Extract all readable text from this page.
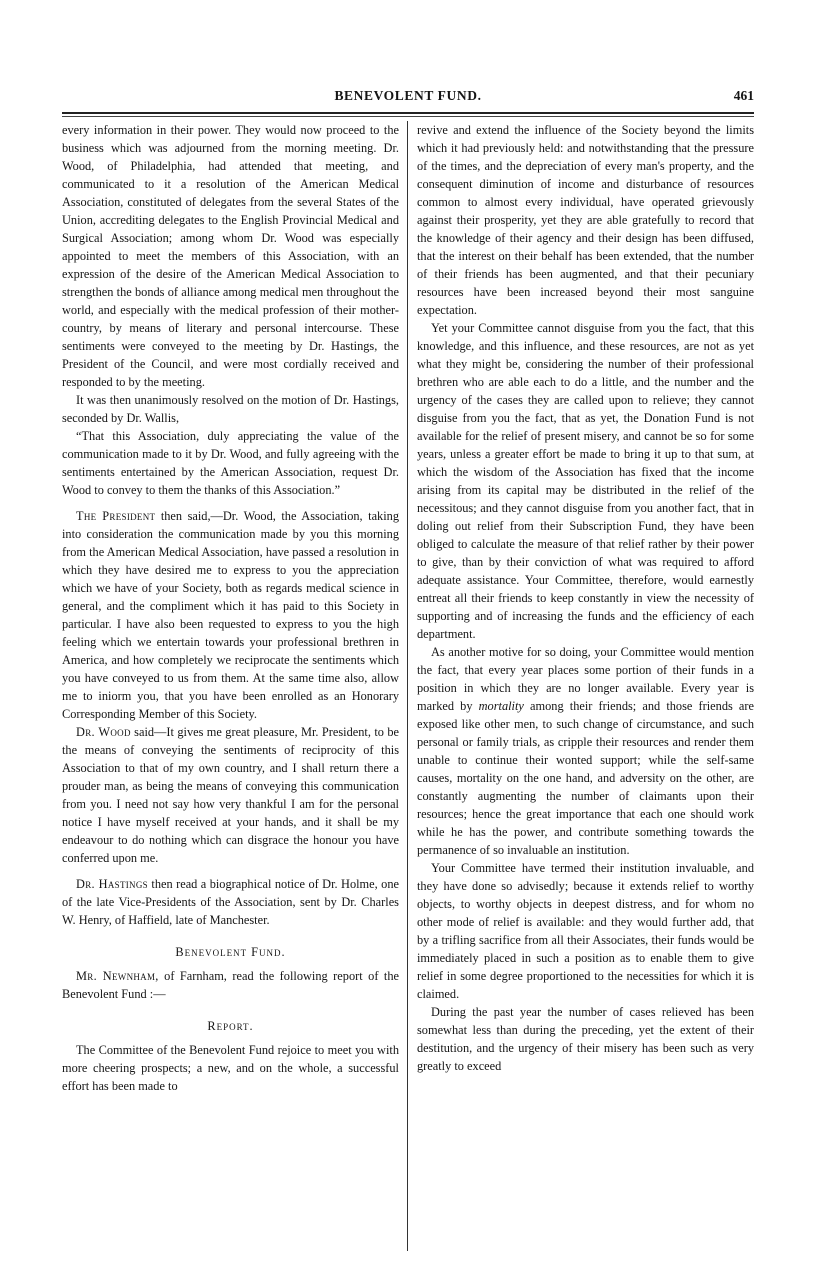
BENEVOLENT FUND.	461

every information in their power. They would now proceed to the business which was adjourned from the morning meeting. Dr. Wood, of Philadelphia, had attended that meeting, and communicated to it a resolution of the American Medical Association, constituted of delegates from the several States of the Union, accrediting delegates to the English Provincial Medical and Surgical Association; among whom Dr. Wood was especially appointed to meet the members of this Association, with an expression of the desire of the American Medical Association to strengthen the bonds of alliance among medical men throughout the world, and especially with the medical profession of their mother-country, by means of literary and personal intercourse. These sentiments were conveyed to the meeting by Dr. Hastings, the President of the Council, and were most cordially received and responded to by the meeting.

It was then unanimously resolved on the motion of Dr. Hastings, seconded by Dr. Wallis,

“That this Association, duly appreciating the value of the communication made to it by Dr. Wood, and fully agreeing with the sentiments entertained by the American Association, request Dr. Wood to convey to them the thanks of this Association.”

The President then said,—Dr. Wood, the Association, taking into consideration the communication made by you this morning from the American Medical Association, have passed a resolution in which they have desired me to express to you the appreciation which we have of your Society, both as regards medical science in general, and the compliment which it has paid to this Society in particular. I have also been requested to express to you the high feeling which we entertain towards your professional brethren in America, and how completely we reciprocate the sentiments which you have conveyed to us from them. At the same time also, allow me to iniorm you, that you have been enrolled as an Honorary Corresponding Member of this Society.

Dr. Wood said—It gives me great pleasure, Mr. President, to be the means of conveying the sentiments of reciprocity of this Association to that of my own country, and I shall return there a prouder man, as being the means of conveying this communication from you. I need not say how very thankful I am for the personal notice I have myself received at your hands, and it shall be my endeavour to do nothing which can disgrace the honour you have conferred upon me.

Dr. Hastings then read a biographical notice of Dr. Holme, one of the late Vice-Presidents of the Association, sent by Dr. Charles W. Henry, of Haffield, late of Manchester.

Benevolent Fund.

Mr. Newnham, of Farnham, read the following report of the Benevolent Fund :—

Report.

The Committee of the Benevolent Fund rejoice to meet you with more cheering prospects; a new, and on the whole, a successful effort has been made to

revive and extend the influence of the Society beyond the limits which it had previously held: and notwithstanding that the pressure of the times, and the depreciation of every man's property, and the consequent diminution of income and disturbance of resources common to almost every individual, have operated grievously against their prosperity, yet they are able gratefully to record that the knowledge of their agency and their design has been diffused, that the interest on their behalf has been extended, that the number of their friends has been augmented, and that their pecuniary resources have been increased beyond their most sanguine expectation.

Yet your Committee cannot disguise from you the fact, that this knowledge, and this influence, and these resources, are not as yet what they might be, considering the number of their professional brethren who are able each to do a little, and the number and the urgency of the cases they are called upon to relieve; they cannot disguise from you the fact, that as yet, the Donation Fund is not available for the relief of present misery, and cannot be so for some years, unless a greater effort be made to bring it up to that sum, at which the wisdom of the Association has fixed that the income arising from its capital may be distributed in the relief of the necessitous; and they cannot disguise from you another fact, that in doling out relief from their Subscription Fund, they have been obliged to calculate the measure of that relief rather by their power to give, than by their conviction of what was required to afford adequate assistance. Your Committee, therefore, would earnestly entreat all their friends to keep constantly in view the necessity of supporting and of increasing the funds and the efficiency of each department.

As another motive for so doing, your Committee would mention the fact, that every year places some portion of their funds in a position in which they are no longer available. Every year is marked by mortality among their friends; and those friends are exposed like other men, to such change of circumstance, and such personal or family trials, as cripple their resources and render them unable to continue their wonted support; while the self-same causes, mortality on the one hand, and adversity on the other, are constantly augmenting the number of claimants upon their resources; hence the great importance that each one should work while he has the power, and contribute something towards the permanence of so invaluable an institution.

Your Committee have termed their institution invaluable, and they have done so advisedly; because it extends relief to worthy objects, to worthy objects in deepest distress, and for whom no other mode of relief is available: and they would further add, that by a trifling sacrifice from all their Associates, their funds would be immediately placed in such a position as to enable them to give relief in some degree proportioned to the necessities for which it is claimed.

During the past year the number of cases relieved has been somewhat less than during the preceding, yet the extent of their destitution, and the urgency of their misery has been such as very greatly to exceed
